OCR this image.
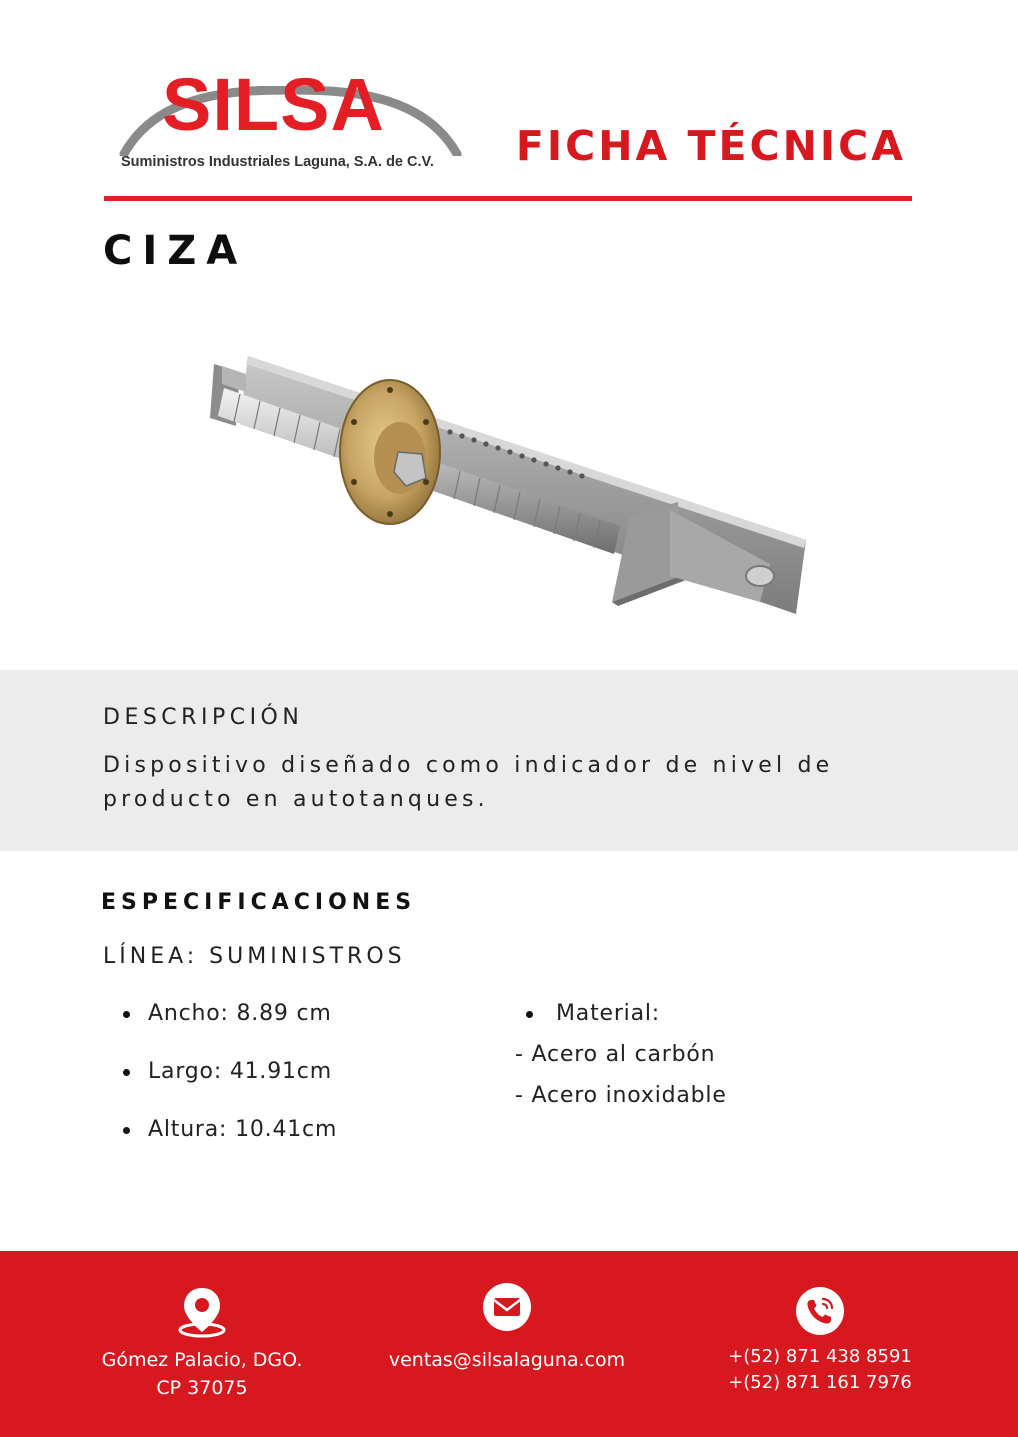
SILSA
Suministros Industriales Laguna, S.A. de C.V. FICHA TÉCNICA
CIZA
DESCRIPCIÓN
Dispositivo diseñado como indicador de nivel de producto en autotanques.
ESPECIFICACIONES
LÍNEA: SUMINISTROS
Ancho: 8.89 cm
Largo: 41.91cm
Altura: 10.41cm
Material:
- Acero al carbón
- Acero inoxidable
Gómez Palacio, DGO.
CP 37075
ventas@silsalaguna.com	+(52) 871 438 8591
+(52) 871 161 7976
